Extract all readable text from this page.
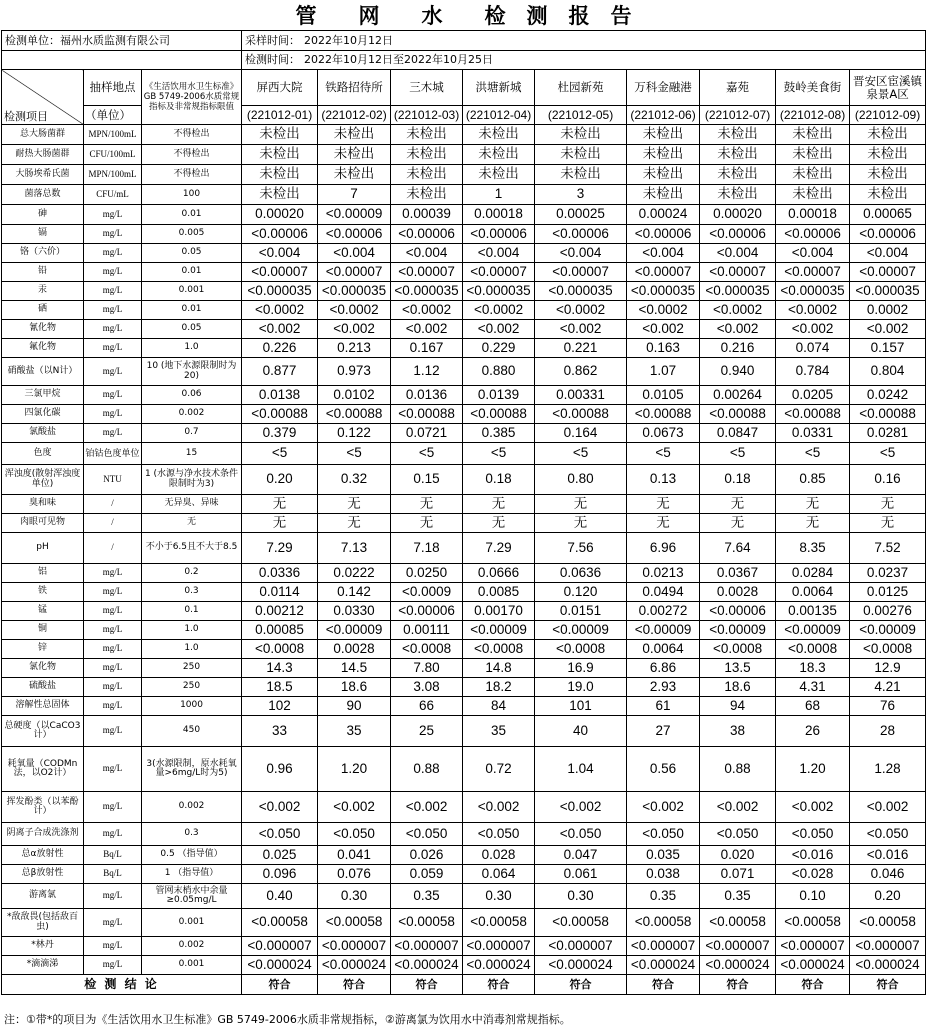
管　　网　　水　　检　测　报　告
检测单位：福州水质监测有限公司			采样时间： 2022年10月12日								
			检测时间： 2022年10月12日至2022年10月25日								

检测项目	抽样地点	《生活饮用水卫生标准》GB 5749-2006水质常规指标及非常规指标限值	屏西大院	铁路招待所	三木城	洪塘新城	杜园新苑	万科金融港	嘉苑	鼓岭美食街	晋安区宦溪镇泉景A区
	（单位）		(221012-01)	(221012-02)	(221012-03)	(221012-04)	(221012-05)	(221012-06)	(221012-07)	(221012-08)	(221012-09)
总大肠菌群	MPN/100mL	不得检出	未检出	未检出	未检出	未检出	未检出	未检出	未检出	未检出	未检出
耐热大肠菌群	CFU/100mL	不得检出	未检出	未检出	未检出	未检出	未检出	未检出	未检出	未检出	未检出
大肠埃希氏菌	MPN/100mL	不得检出	未检出	未检出	未检出	未检出	未检出	未检出	未检出	未检出	未检出
菌落总数	CFU/mL	100	未检出	7	未检出	1	3	未检出	未检出	未检出	未检出
砷	mg/L	0.01	0.00020	<0.00009	0.00039	0.00018	0.00025	0.00024	0.00020	0.00018	0.00065
镉	mg/L	0.005	<0.00006	<0.00006	<0.00006	<0.00006	<0.00006	<0.00006	<0.00006	<0.00006	<0.00006
铬（六价）	mg/L	0.05	<0.004	<0.004	<0.004	<0.004	<0.004	<0.004	<0.004	<0.004	<0.004
铅	mg/L	0.01	<0.00007	<0.00007	<0.00007	<0.00007	<0.00007	<0.00007	<0.00007	<0.00007	<0.00007
汞	mg/L	0.001	<0.000035	<0.000035	<0.000035	<0.000035	<0.000035	<0.000035	<0.000035	<0.000035	<0.000035
硒	mg/L	0.01	<0.0002	<0.0002	<0.0002	<0.0002	<0.0002	<0.0002	<0.0002	<0.0002	0.0002
氰化物	mg/L	0.05	<0.002	<0.002	<0.002	<0.002	<0.002	<0.002	<0.002	<0.002	<0.002
氟化物	mg/L	1.0	0.226	0.213	0.167	0.229	0.221	0.163	0.216	0.074	0.157
硝酸盐（以N计）	mg/L	10 (地下水源限制时为20)	0.877	0.973	1.12	0.880	0.862	1.07	0.940	0.784	0.804
三氯甲烷	mg/L	0.06	0.0138	0.0102	0.0136	0.0139	0.00331	0.0105	0.00264	0.0205	0.0242
四氯化碳	mg/L	0.002	<0.00088	<0.00088	<0.00088	<0.00088	<0.00088	<0.00088	<0.00088	<0.00088	<0.00088
氯酸盐	mg/L	0.7	0.379	0.122	0.0721	0.385	0.164	0.0673	0.0847	0.0331	0.0281
色度	铂钴色度单位	15	<5	<5	<5	<5	<5	<5	<5	<5	<5
浑浊度(散射浑浊度单位)	NTU	1 (水源与净水技术条件限制时为3)	0.20	0.32	0.15	0.18	0.80	0.13	0.18	0.85	0.16
臭和味	/	无异臭、异味	无	无	无	无	无	无	无	无	无
肉眼可见物	/	无	无	无	无	无	无	无	无	无	无
pH	/	不小于6.5且不大于8.5	7.29	7.13	7.18	7.29	7.56	6.96	7.64	8.35	7.52
铝	mg/L	0.2	0.0336	0.0222	0.0250	0.0666	0.0636	0.0213	0.0367	0.0284	0.0237
铁	mg/L	0.3	0.0114	0.142	<0.0009	0.0085	0.120	0.0494	0.0028	0.0064	0.0125
锰	mg/L	0.1	0.00212	0.0330	<0.00006	0.00170	0.0151	0.00272	<0.00006	0.00135	0.00276
铜	mg/L	1.0	0.00085	<0.00009	0.00111	<0.00009	<0.00009	<0.00009	<0.00009	<0.00009	<0.00009
锌	mg/L	1.0	<0.0008	0.0028	<0.0008	<0.0008	<0.0008	0.0064	<0.0008	<0.0008	<0.0008
氯化物	mg/L	250	14.3	14.5	7.80	14.8	16.9	6.86	13.5	18.3	12.9
硫酸盐	mg/L	250	18.5	18.6	3.08	18.2	19.0	2.93	18.6	4.31	4.21
溶解性总固体	mg/L	1000	102	90	66	84	101	61	94	68	76
总硬度（以CaCO3计）	mg/L	450	33	35	25	35	40	27	38	26	28
耗氧量（CODMn法，以O2计）	mg/L	3(水源限制，原水耗氧量>6mg/L时为5)	0.96	1.20	0.88	0.72	1.04	0.56	0.88	1.20	1.28
挥发酚类（以苯酚计）	mg/L	0.002	<0.002	<0.002	<0.002	<0.002	<0.002	<0.002	<0.002	<0.002	<0.002
阴离子合成洗涤剂	mg/L	0.3	<0.050	<0.050	<0.050	<0.050	<0.050	<0.050	<0.050	<0.050	<0.050
总α放射性	Bq/L	0.5 （指导值）	0.025	0.041	0.026	0.028	0.047	0.035	0.020	<0.016	<0.016
总β放射性	Bq/L	1 （指导值）	0.096	0.076	0.059	0.064	0.061	0.038	0.071	<0.028	0.046
游离氯	mg/L	管网末梢水中余量≥0.05mg/L	0.40	0.30	0.35	0.30	0.30	0.35	0.35	0.10	0.20
*敌敌畏(包括敌百虫)	mg/L	0.001	<0.00058	<0.00058	<0.00058	<0.00058	<0.00058	<0.00058	<0.00058	<0.00058	<0.00058
*林丹	mg/L	0.002	<0.000007	<0.000007	<0.000007	<0.000007	<0.000007	<0.000007	<0.000007	<0.000007	<0.000007
*滴滴涕	mg/L	0.001	<0.000024	<0.000024	<0.000024	<0.000024	<0.000024	<0.000024	<0.000024	<0.000024	<0.000024
检 测 结 论			符合	符合	符合	符合	符合	符合	符合	符合	符合
注：①带*的项目为《生活饮用水卫生标准》GB 5749-2006水质非常规指标，②游离氯为饮用水中消毒剂常规指标。
